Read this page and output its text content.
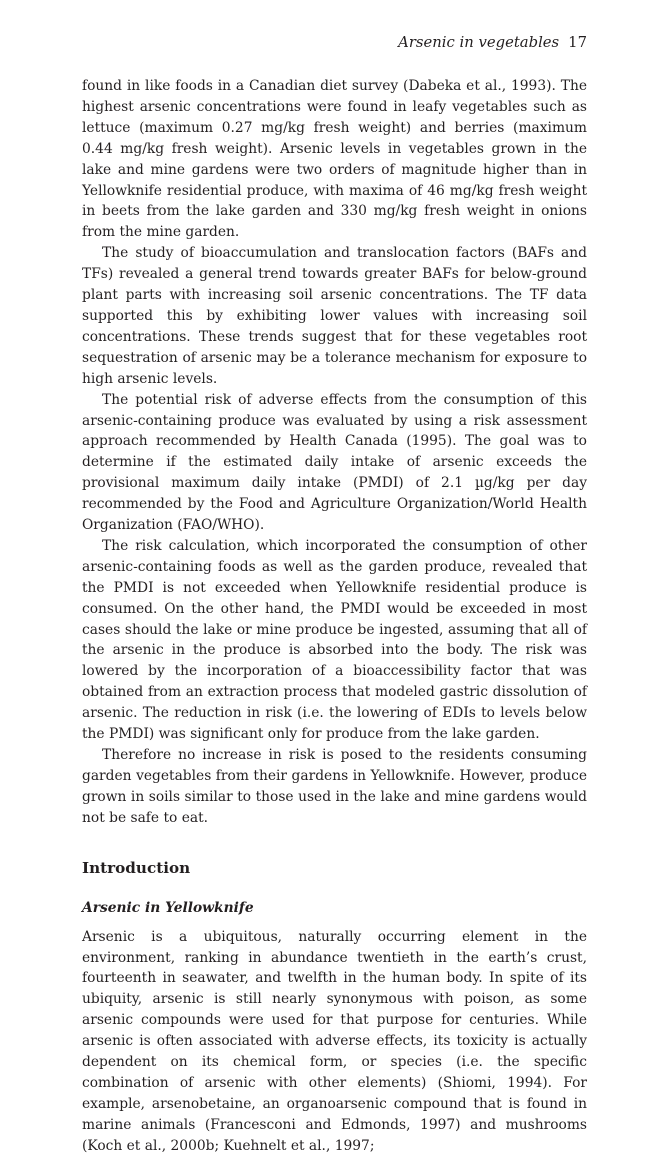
Arsenic in vegetables 17

found in like foods in a Canadian diet survey (Dabeka et al., 1993). The highest arsenic concentrations were found in leafy vegetables such as lettuce (maximum 0.27 mg/kg fresh weight) and berries (maximum 0.44 mg/kg fresh weight). Arsenic levels in vegetables grown in the lake and mine gardens were two orders of magnitude higher than in Yellowknife residential produce, with maxima of 46 mg/kg fresh weight in beets from the lake garden and 330 mg/kg fresh weight in onions from the mine garden.

The study of bioaccumulation and translocation factors (BAFs and TFs) revealed a general trend towards greater BAFs for below-ground plant parts with increasing soil arsenic concentrations. The TF data supported this by exhibiting lower values with increasing soil concentrations. These trends suggest that for these vegetables root sequestration of arsenic may be a tolerance mechanism for exposure to high arsenic levels.

The potential risk of adverse effects from the consumption of this arsenic-containing produce was evaluated by using a risk assessment approach recommended by Health Canada (1995). The goal was to determine if the estimated daily intake of arsenic exceeds the provisional maximum daily intake (PMDI) of 2.1 µg/kg per day recommended by the Food and Agriculture Organization/World Health Organization (FAO/WHO).

The risk calculation, which incorporated the consumption of other arsenic-containing foods as well as the garden produce, revealed that the PMDI is not exceeded when Yellowknife residential produce is consumed. On the other hand, the PMDI would be exceeded in most cases should the lake or mine produce be ingested, assuming that all of the arsenic in the produce is absorbed into the body. The risk was lowered by the incorporation of a bioaccessibility factor that was obtained from an extraction process that modeled gastric dissolution of arsenic. The reduction in risk (i.e. the lowering of EDIs to levels below the PMDI) was significant only for produce from the lake garden.

Therefore no increase in risk is posed to the residents consuming garden vegetables from their gardens in Yellowknife. However, produce grown in soils similar to those used in the lake and mine gardens would not be safe to eat.

Introduction
Arsenic in Yellowknife

Arsenic is a ubiquitous, naturally occurring element in the environment, ranking in abundance twentieth in the earth’s crust, fourteenth in seawater, and twelfth in the human body. In spite of its ubiquity, arsenic is still nearly synonymous with poison, as some arsenic compounds were used for that purpose for centuries. While arsenic is often associated with adverse effects, its toxicity is actually dependent on its chemical form, or species (i.e. the specific combination of arsenic with other elements) (Shiomi, 1994). For example, arsenobetaine, an organoarsenic compound that is found in marine animals (Francesconi and Edmonds, 1997) and mushrooms (Koch et al., 2000b; Kuehnelt et al., 1997;
